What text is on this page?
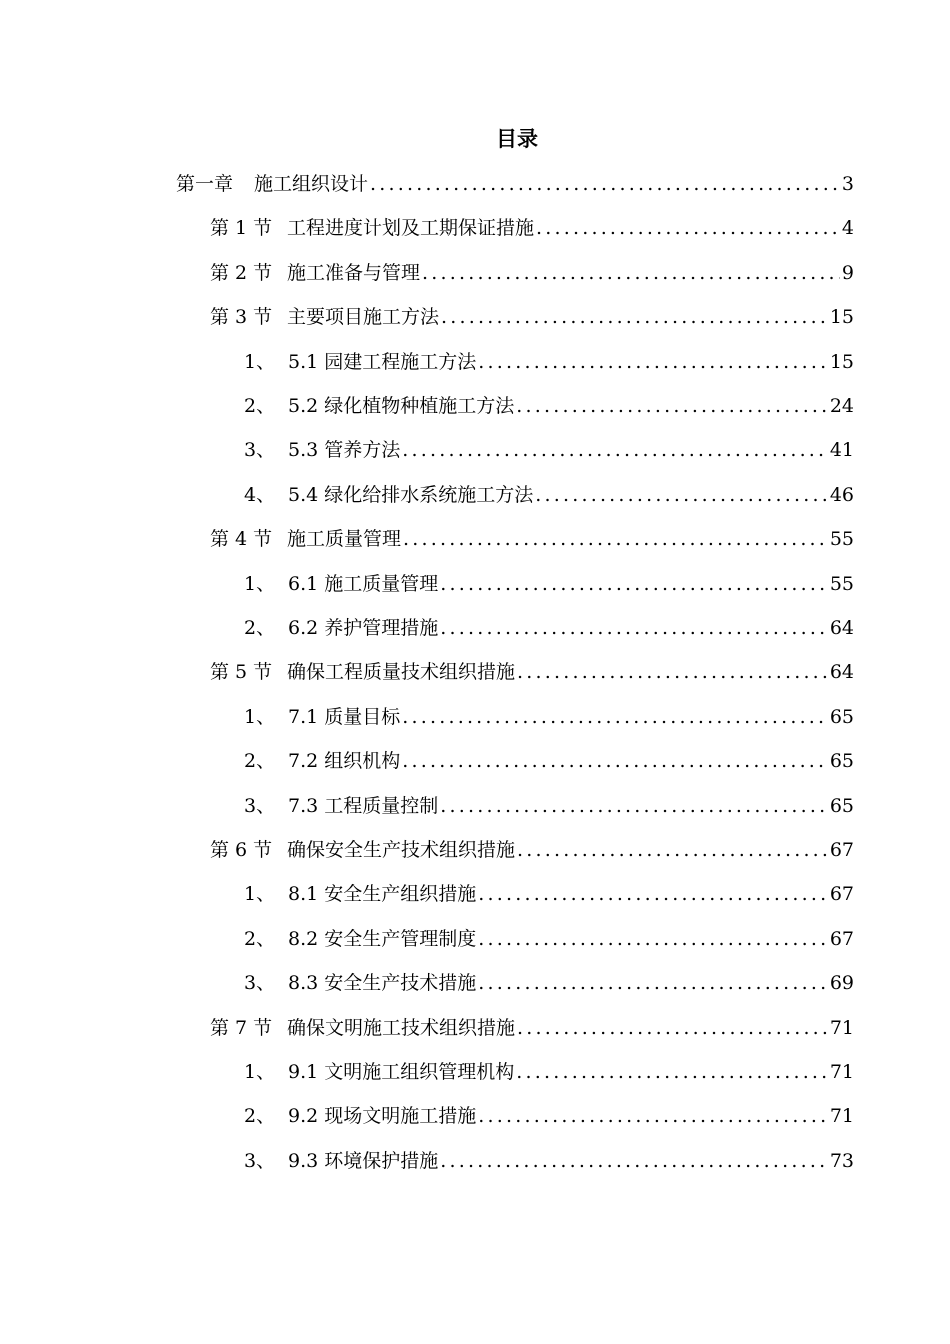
目录
第一章	施工组织设计 .....	3
第 1 节 工程进度计划及工期保证措施 .....	4
第 2 节 施工准备与管理 .....	9
第 3 节 主要项目施工方法 .....	15
1、 5.1 园建工程施工方法 .....	15
2、 5.2 绿化植物种植施工方法 .....	24
3、 5.3 管养方法 .....	41
4、 5.4 绿化给排水系统施工方法 .....	46
第 4 节 施工质量管理 .....	55
1、 6.1 施工质量管理 .....	55
2、 6.2 养护管理措施 .....	64
第 5 节 确保工程质量技术组织措施 .....	64
1、 7.1 质量目标 .....	65
2、 7.2 组织机构 .....	65
3、 7.3 工程质量控制 .....	65
第 6 节 确保安全生产技术组织措施 .....	67
1、 8.1 安全生产组织措施 .....	67
2、 8.2 安全生产管理制度 .....	67
3、 8.3 安全生产技术措施 .....	69
第 7 节 确保文明施工技术组织措施 .....	71
1、 9.1 文明施工组织管理机构 .....	71
2、 9.2 现场文明施工措施 .....	71
3、 9.3 环境保护措施 .....	73
